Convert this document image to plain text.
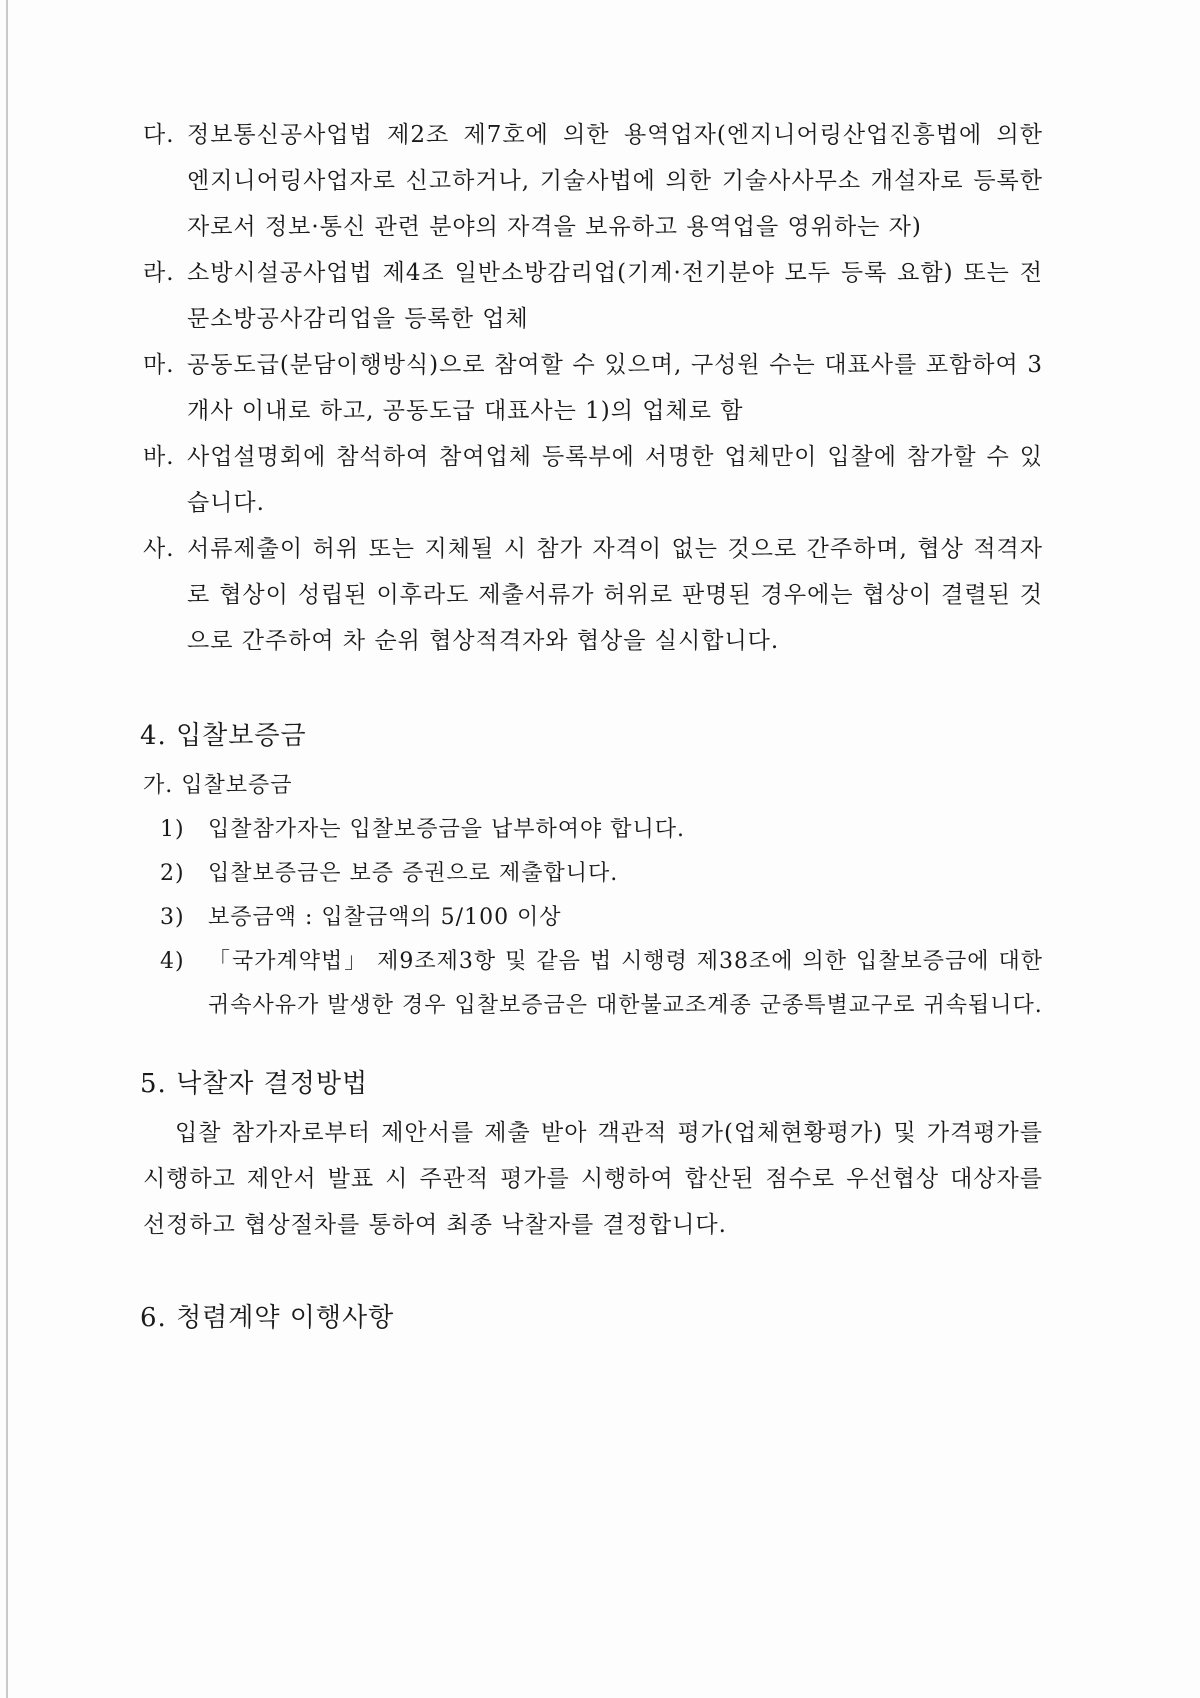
다. 정보통신공사업법 제2조 제7호에 의한 용역업자(엔지니어링산업진흥법에 의한 엔지니어링사업자로 신고하거나, 기술사법에 의한 기술사사무소 개설자로 등록한 자로서 정보·통신 관련 분야의 자격을 보유하고 용역업을 영위하는 자)
라. 소방시설공사업법 제4조 일반소방감리업(기계·전기분야 모두 등록 요함) 또는 전문소방공사감리업을 등록한 업체
마. 공동도급(분담이행방식)으로 참여할 수 있으며, 구성원 수는 대표사를 포함하여 3개사 이내로 하고, 공동도급 대표사는 1)의 업체로 함
바. 사업설명회에 참석하여 참여업체 등록부에 서명한 업체만이 입찰에 참가할 수 있습니다.
사. 서류제출이 허위 또는 지체될 시 참가 자격이 없는 것으로 간주하며, 협상 적격자로 협상이 성립된 이후라도 제출서류가 허위로 판명된 경우에는 협상이 결렬된 것으로 간주하여 차 순위 협상적격자와 협상을 실시합니다.
4. 입찰보증금
가. 입찰보증금
1) 입찰참가자는 입찰보증금을 납부하여야 합니다.
2) 입찰보증금은 보증 증권으로 제출합니다.
3) 보증금액 : 입찰금액의 5/100 이상
4) 「국가계약법」 제9조제3항 및 같음 법 시행령 제38조에 의한 입찰보증금에 대한 귀속사유가 발생한 경우 입찰보증금은 대한불교조계종 군종특별교구로 귀속됩니다.
5. 낙찰자 결정방법
입찰 참가자로부터 제안서를 제출 받아 객관적 평가(업체현황평가) 및 가격평가를 시행하고 제안서 발표 시 주관적 평가를 시행하여 합산된 점수로 우선협상 대상자를 선정하고 협상절차를 통하여 최종 낙찰자를 결정합니다.
6. 청렴계약 이행사항
